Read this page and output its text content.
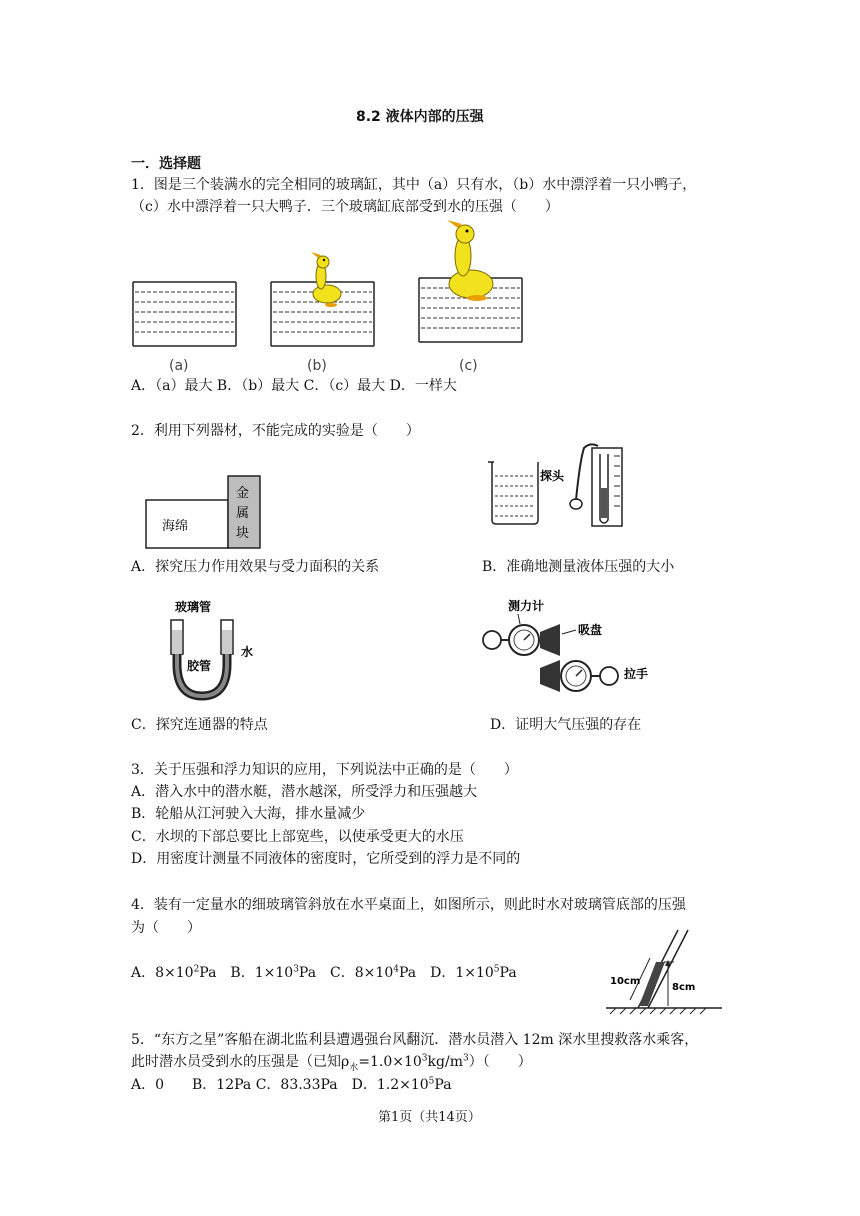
8.2 液体内部的压强
一．选择题
1．图是三个装满水的完全相同的玻璃缸，其中（a）只有水，（b）水中漂浮着一只小鸭子，
（c）水中漂浮着一只大鸭子．三个玻璃缸底部受到水的压强（　　）
(a)	(b)	(c)
A．（a）最大 B．（b）最大 C．（c）最大 D．一样大
2．利用下列器材，不能完成的实验是（　　）
海绵
金
属
块
探头
A．探究压力作用效果与受力面积的关系	B．准确地测量液体压强的大小
玻璃管
胶管
水
测力计
吸盘
拉手
C．探究连通器的特点	D．证明大气压强的存在
3．关于压强和浮力知识的应用，下列说法中正确的是（　　）
A．潜入水中的潜水艇，潜水越深，所受浮力和压强越大
B．轮船从江河驶入大海，排水量减少
C．水坝的下部总要比上部宽些，以使承受更大的水压
D．用密度计测量不同液体的密度时，它所受到的浮力是不同的
4．装有一定量水的细玻璃管斜放在水平桌面上，如图所示，则此时水对玻璃管底部的压强
为（　　）
A．$8\times 10^2Pa$　B．$1\times 10^3Pa$　C．$8\times 10^4Pa$　D．$1\times 10^5Pa$
10cm
8cm
5．“东方之星”客船在湖北监利县遭遇强台风翻沉．潜水员潜入 12m 深水里搜救落水乘客，
此时潜水员受到水的压强是（已知$\rho_水=1.0\times 10^3kg/m^3$）（　　）
A．0　　B．12Pa C．83.33Pa　D．$1.2\times 10^5Pa$
第1页（共14页）
